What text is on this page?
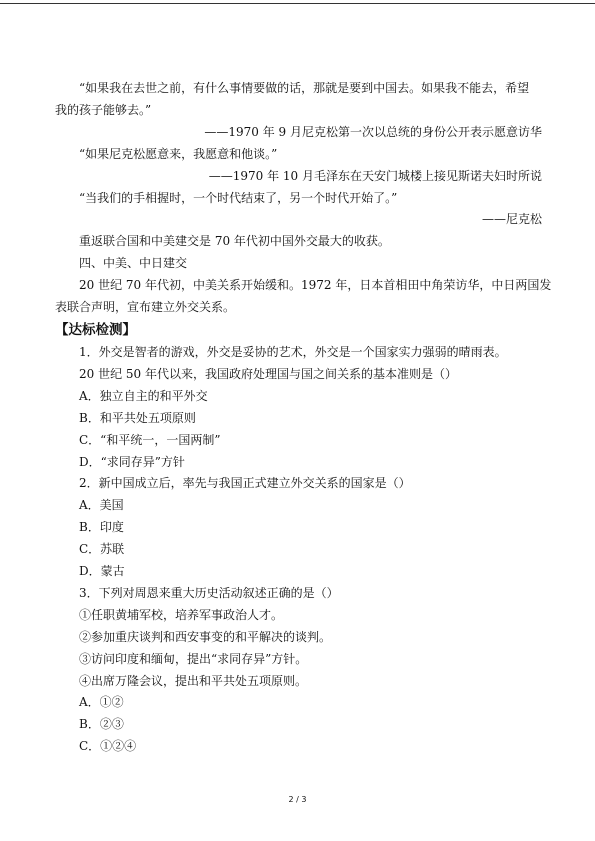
“如果我在去世之前，有什么事情要做的话，那就是要到中国去。如果我不能去，希望

我的孩子能够去。”

——1970 年 9 月尼克松第一次以总统的身份公开表示愿意访华

“如果尼克松愿意来，我愿意和他谈。”

——1970 年 10 月毛泽东在天安门城楼上接见斯诺夫妇时所说

“当我们的手相握时，一个时代结束了，另一个时代开始了。”

——尼克松

重返联合国和中美建交是 70 年代初中国外交最大的收获。

四、中美、中日建交

20 世纪 70 年代初，中美关系开始缓和。1972 年，日本首相田中角荣访华，中日两国发

表联合声明，宣布建立外交关系。

【达标检测】

1．外交是智者的游戏，外交是妥协的艺术，外交是一个国家实力强弱的晴雨表。

20 世纪 50 年代以来，我国政府处理国与国之间关系的基本准则是（）

A．独立自主的和平外交

B．和平共处五项原则

C．“和平统一，一国两制”

D．“求同存异”方针

2．新中国成立后，率先与我国正式建立外交关系的国家是（）

A．美国

B．印度

C．苏联

D．蒙古

3．下列对周恩来重大历史活动叙述正确的是（）

①任职黄埔军校，培养军事政治人才。

②参加重庆谈判和西安事变的和平解决的谈判。

③访问印度和缅甸，提出“求同存异”方针。

④出席万隆会议，提出和平共处五项原则。

A．①②

B．②③

C．①②④

2 / 3
